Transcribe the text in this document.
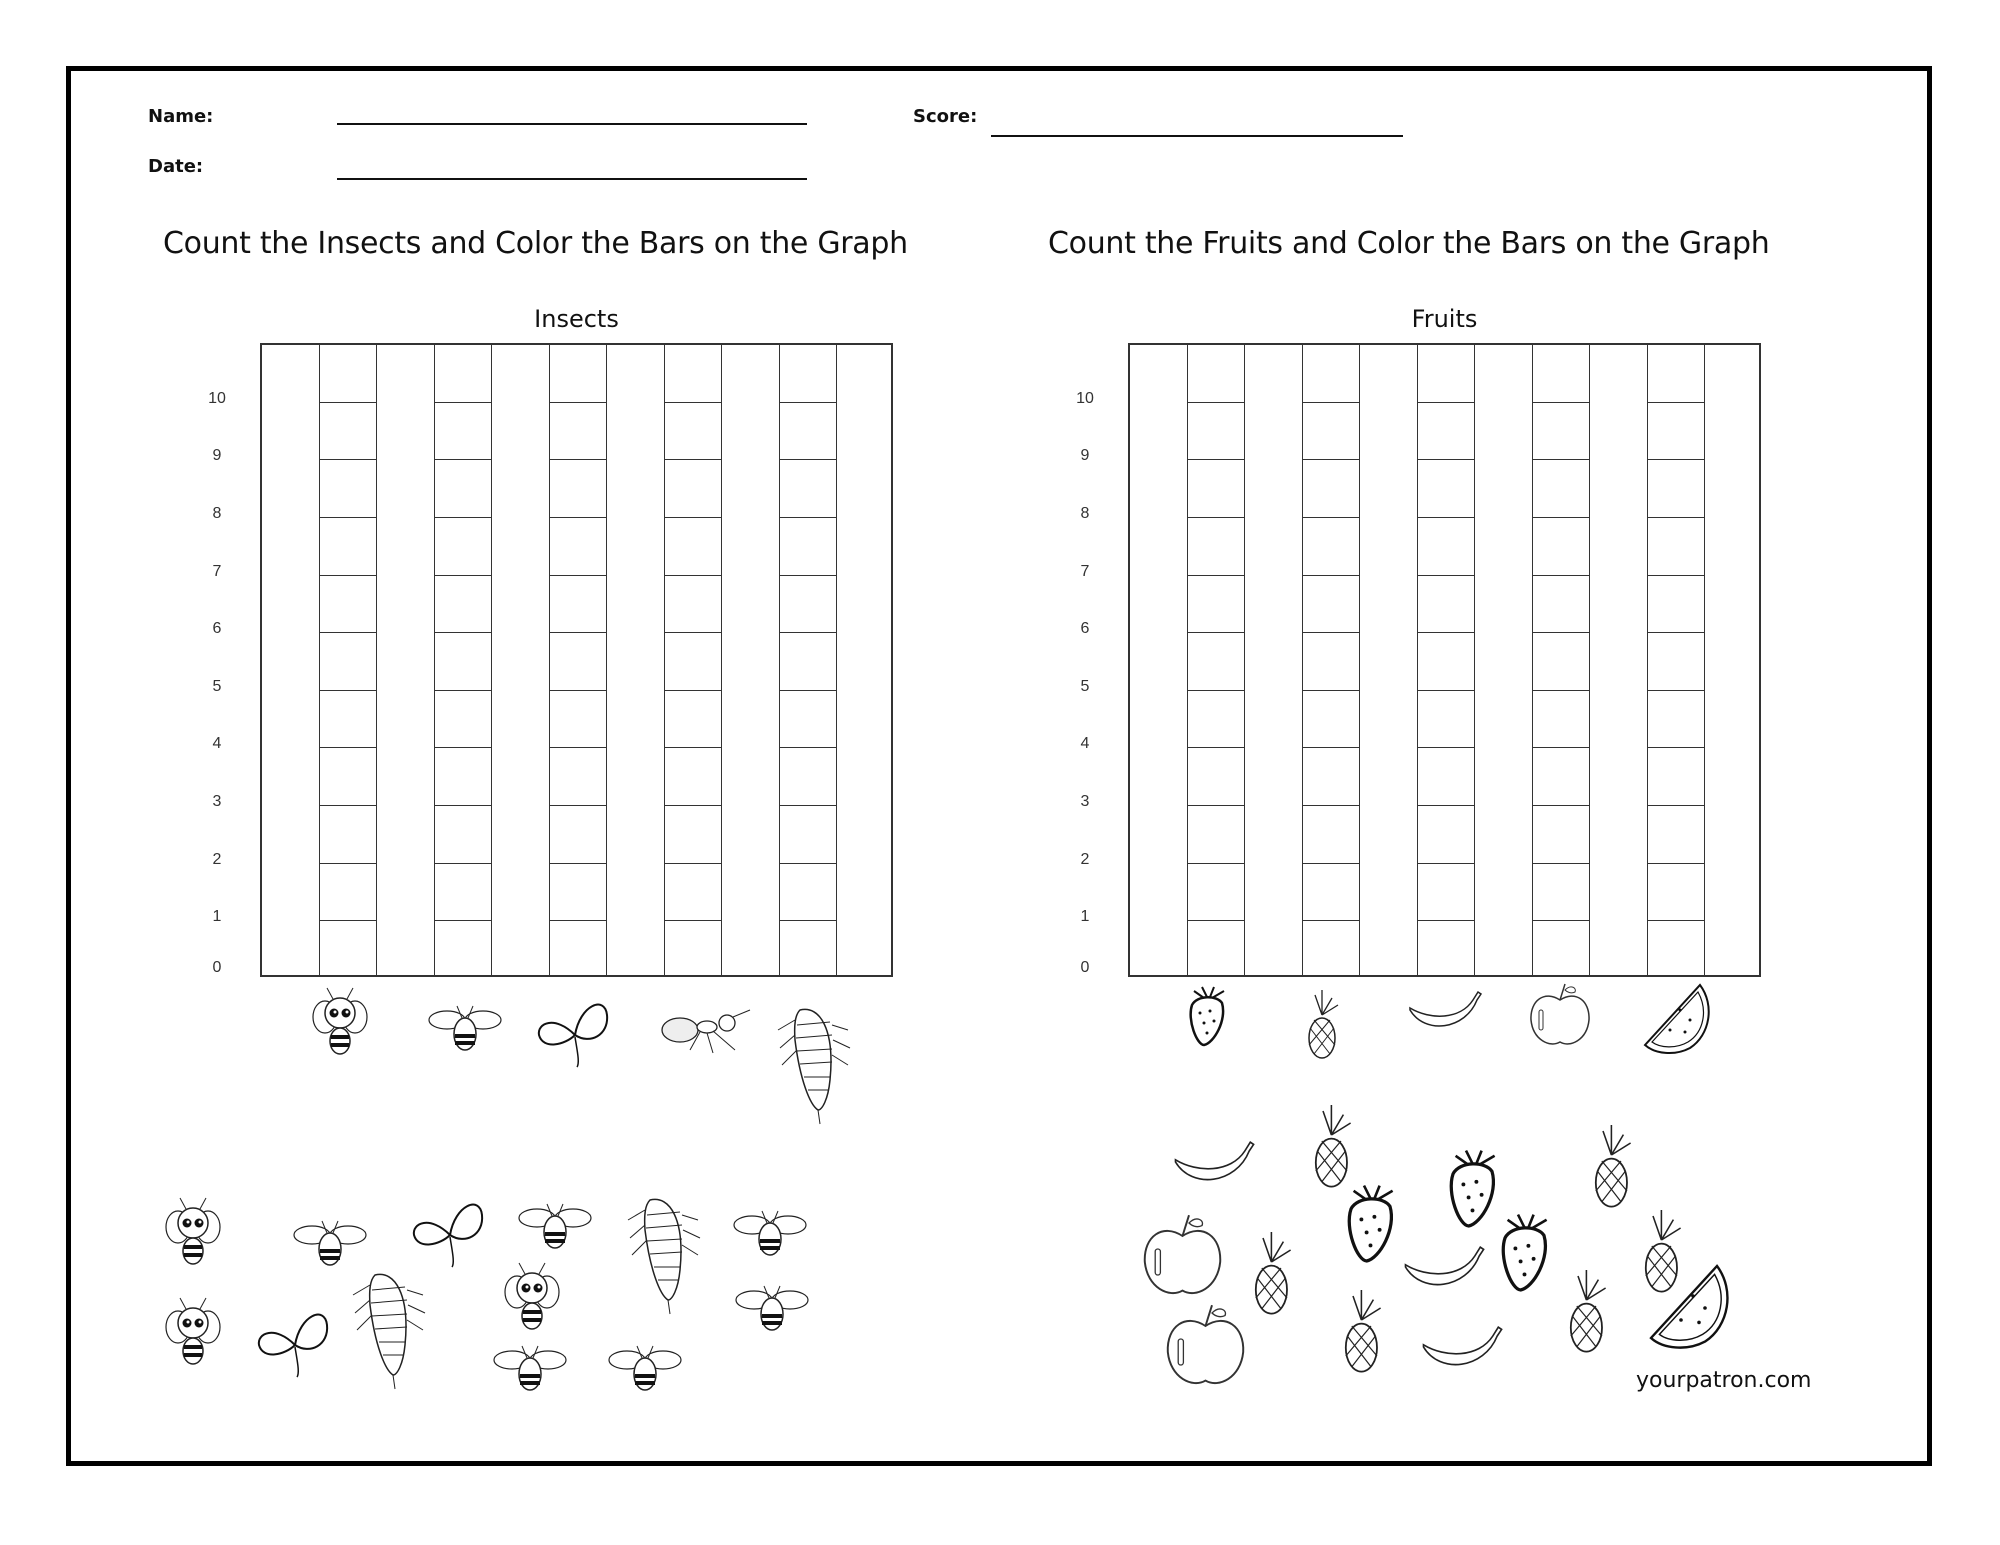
Name:
Date:
Score:
Count the Insects and Color the Bars on the Graph	Count the Fruits and Color the Bars on the Graph
Insects	Fruits
10
9
8
7
6
5
4
3
2
1
0
10
9
8
7
6
5
4
3
2
1
0
yourpatron.com
